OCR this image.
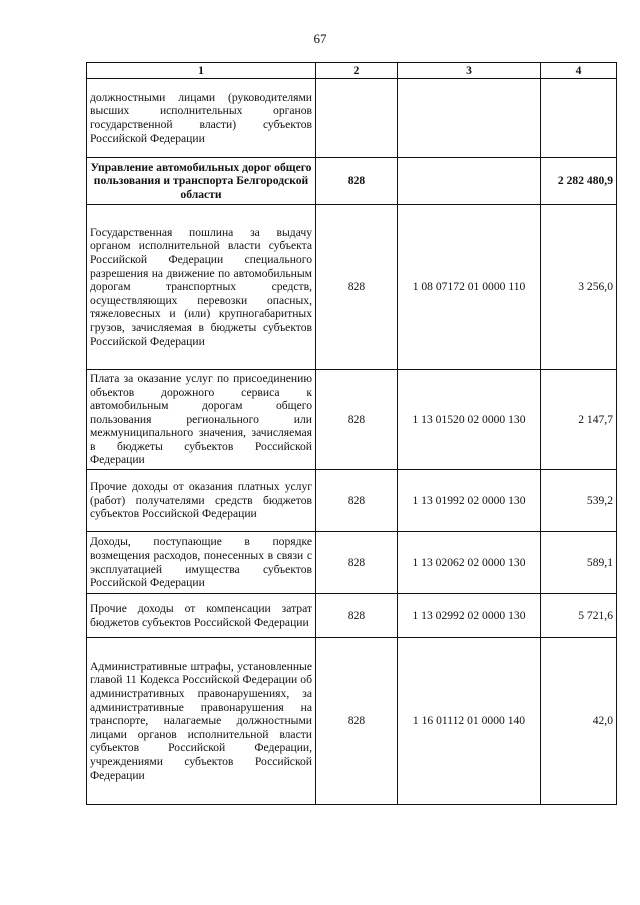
67
1	2	3	4
должностными лицами (руководителями высших исполнительных органов государственной власти) субъектов Российской Федерации			
Управление автомобильных дорог общего пользования и транспорта Белгородской области	828		2 282 480,9
Государственная пошлина за выдачу органом исполнительной власти субъекта Российской Федерации специального разрешения на движение по автомобильным дорогам транспортных средств, осуществляющих перевозки опасных, тяжеловесных и (или) крупногабаритных грузов, зачисляемая в бюджеты субъектов Российской Федерации	828	1 08 07172 01 0000 110	3 256,0
Плата за оказание услуг по присоединению объектов дорожного сервиса к автомобильным дорогам общего пользования регионального или межмуниципального значения, зачисляемая в бюджеты субъектов Российской Федерации	828	1 13 01520 02 0000 130	2 147,7
Прочие доходы от оказания платных услуг (работ) получателями средств бюджетов субъектов Российской Федерации	828	1 13 01992 02 0000 130	539,2
Доходы, поступающие в порядке возмещения расходов, понесенных в связи с эксплуатацией имущества субъектов Российской Федерации	828	1 13 02062 02 0000 130	589,1
Прочие доходы от компенсации затрат бюджетов субъектов Российской Федерации	828	1 13 02992 02 0000 130	5 721,6
Административные штрафы, установленные главой 11 Кодекса Российской Федерации об административных правонарушениях, за административные правонарушения на транспорте, налагаемые должностными лицами органов исполнительной власти субъектов Российской Федерации, учреждениями субъектов Российской Федерации	828	1 16 01112 01 0000 140	42,0
